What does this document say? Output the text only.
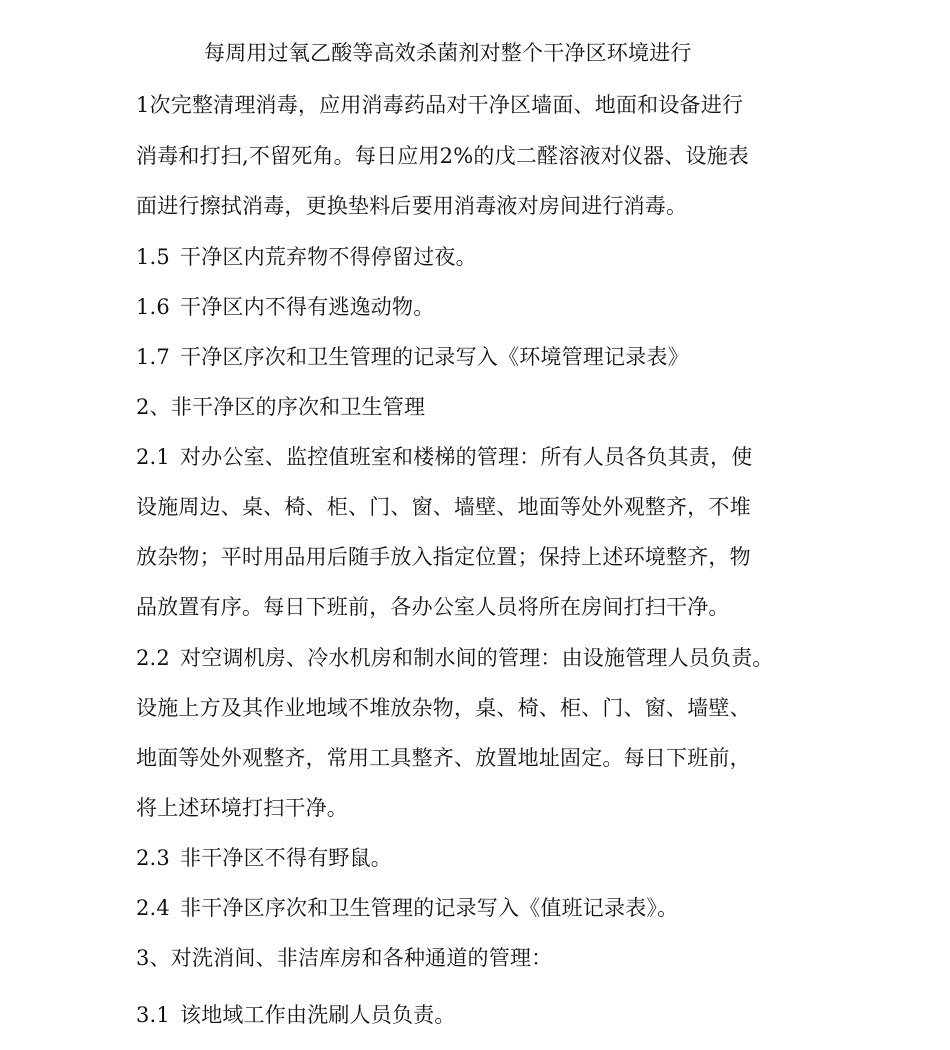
每周用过氧乙酸等高效杀菌剂对整个干净区环境进行
1次完整清理消毒，应用消毒药品对干净区墙面、地面和设备进行
消毒和打扫,不留死角。每日应用2%的戊二醛溶液对仪器、设施表
面进行擦拭消毒，更换垫料后要用消毒液对房间进行消毒。
1.5 干净区内荒弃物不得停留过夜。
1.6 干净区内不得有逃逸动物。
1.7 干净区序次和卫生管理的记录写入《环境管理记录表》
2、非干净区的序次和卫生管理
2.1 对办公室、监控值班室和楼梯的管理：所有人员各负其责，使
设施周边、桌、椅、柜、门、窗、墙壁、地面等处外观整齐，不堆
放杂物；平时用品用后随手放入指定位置；保持上述环境整齐，物
品放置有序。每日下班前，各办公室人员将所在房间打扫干净。
2.2 对空调机房、冷水机房和制水间的管理：由设施管理人员负责。
设施上方及其作业地域不堆放杂物，桌、椅、柜、门、窗、墙壁、
地面等处外观整齐，常用工具整齐、放置地址固定。每日下班前，
将上述环境打扫干净。
2.3 非干净区不得有野鼠。
2.4 非干净区序次和卫生管理的记录写入《值班记录表》。
3、对洗消间、非洁库房和各种通道的管理：
3.1 该地域工作由洗刷人员负责。
